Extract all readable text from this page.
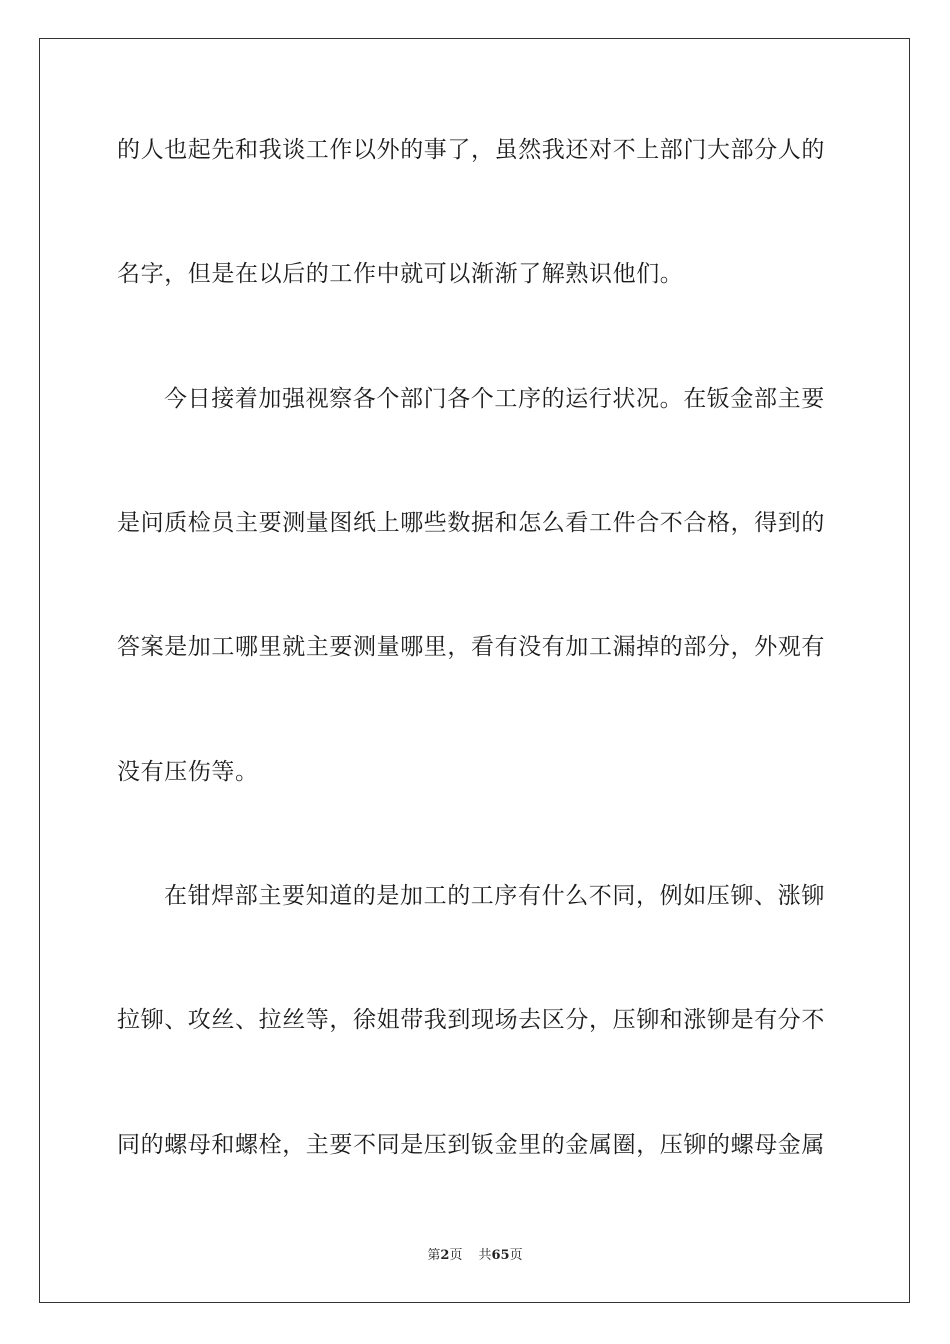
的人也起先和我谈工作以外的事了，虽然我还对不上部门大部分人的
名字，但是在以后的工作中就可以渐渐了解熟识他们。
今日接着加强视察各个部门各个工序的运行状况。在钣金部主要
是问质检员主要测量图纸上哪些数据和怎么看工件合不合格，得到的
答案是加工哪里就主要测量哪里，看有没有加工漏掉的部分，外观有
没有压伤等。
在钳焊部主要知道的是加工的工序有什么不同，例如压铆、涨铆
拉铆、攻丝、拉丝等，徐姐带我到现场去区分，压铆和涨铆是有分不
同的螺母和螺栓，主要不同是压到钣金里的金属圈，压铆的螺母金属
第2页 共65页
